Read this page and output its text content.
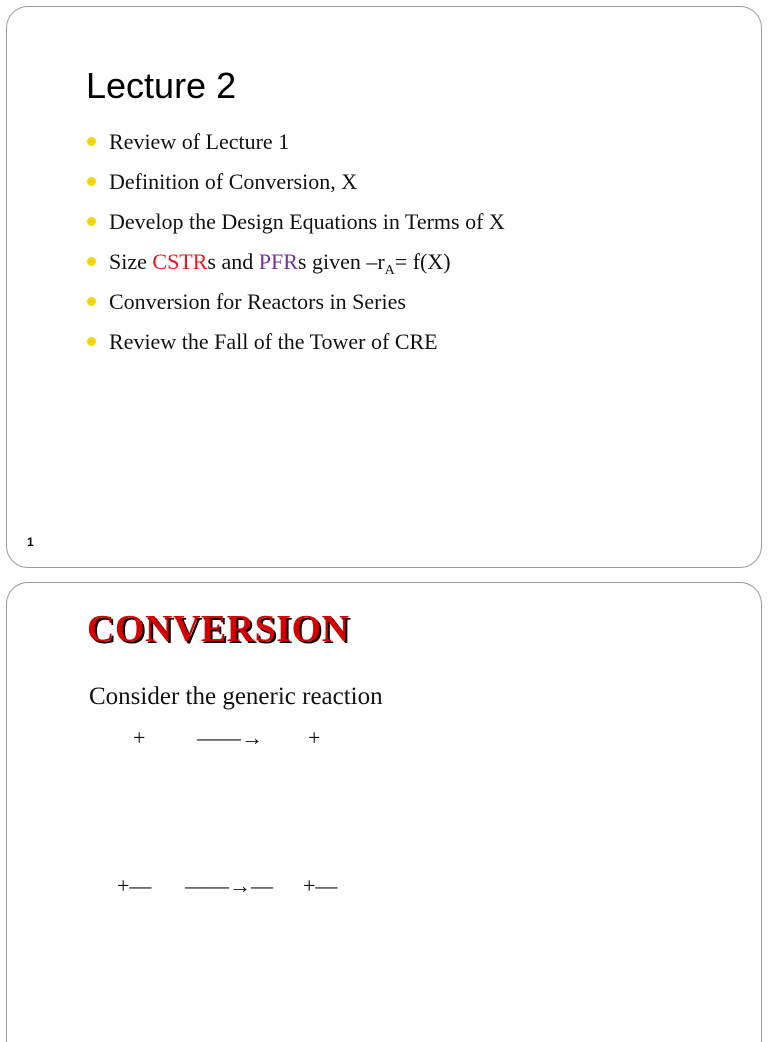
Lecture 2
Review of Lecture 1
Definition of Conversion, X
Develop the Design Equations in Terms of X
Size CSTRs and PFRs given $-r_A= f(X)$
Conversion for Reactors in Series
Review the Fall of the Tower of CRE
1
CONVERSION
Consider the generic reaction
+ ——→ +
+— ——→— +—
